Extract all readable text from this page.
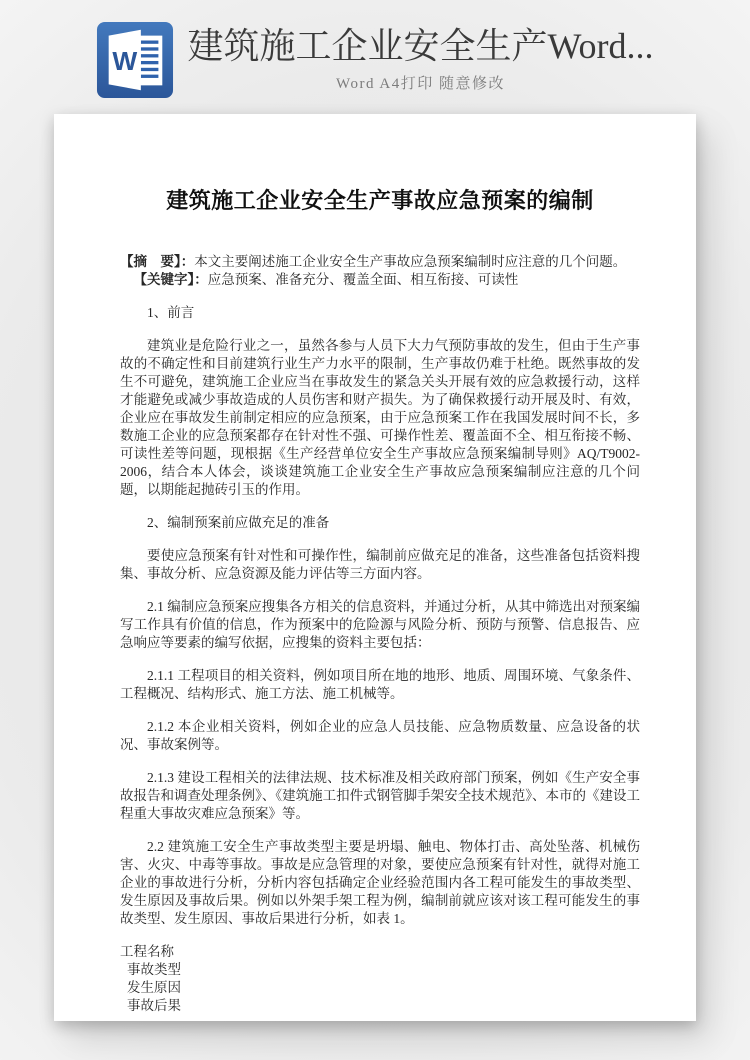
W 建筑施工企业安全生产Word...
Word A4打印 随意修改
建筑施工企业安全生产事故应急预案的编制
【摘　要】：本文主要阐述施工企业安全生产事故应急预案编制时应注意的几个问题。
【关键字】：应急预案、准备充分、覆盖全面、相互衔接、可读性

1、前言

建筑业是危险行业之一，虽然各参与人员下大力气预防事故的发生，但由于生产事故的不确定性和目前建筑行业生产力水平的限制，生产事故仍难于杜绝。既然事故的发生不可避免，建筑施工企业应当在事故发生的紧急关头开展有效的应急救援行动，这样才能避免或减少事故造成的人员伤害和财产损失。为了确保救援行动开展及时、有效，企业应在事故发生前制定相应的应急预案，由于应急预案工作在我国发展时间不长，多数施工企业的应急预案都存在针对性不强、可操作性差、覆盖面不全、相互衔接不畅、可读性差等问题，现根据《生产经营单位安全生产事故应急预案编制导则》AQ/T9002-2006，结合本人体会，谈谈建筑施工企业安全生产事故应急预案编制应注意的几个问题，以期能起抛砖引玉的作用。

2、编制预案前应做充足的准备

要使应急预案有针对性和可操作性，编制前应做充足的准备，这些准备包括资料搜集、事故分析、应急资源及能力评估等三方面内容。

2.1 编制应急预案应搜集各方相关的信息资料，并通过分析，从其中筛选出对预案编写工作具有价值的信息，作为预案中的危险源与风险分析、预防与预警、信息报告、应急响应等要素的编写依据，应搜集的资料主要包括：

2.1.1 工程项目的相关资料，例如项目所在地的地形、地质、周围环境、气象条件、工程概况、结构形式、施工方法、施工机械等。

2.1.2 本企业相关资料，例如企业的应急人员技能、应急物质数量、应急设备的状况、事故案例等。

2.1.3 建设工程相关的法律法规、技术标准及相关政府部门预案，例如《生产安全事故报告和调查处理条例》、《建筑施工扣件式钢管脚手架安全技术规范》、本市的《建设工程重大事故灾难应急预案》等。

2.2 建筑施工安全生产事故类型主要是坍塌、触电、物体打击、高处坠落、机械伤害、火灾、中毒等事故。事故是应急管理的对象，要使应急预案有针对性，就得对施工企业的事故进行分析，分析内容包括确定企业经验范围内各工程可能发生的事故类型、发生原因及事故后果。例如以外架手架工程为例，编制前就应该对该工程可能发生的事故类型、发生原因、事故后果进行分析，如表 1。

工程名称
事故类型
发生原因
事故后果
